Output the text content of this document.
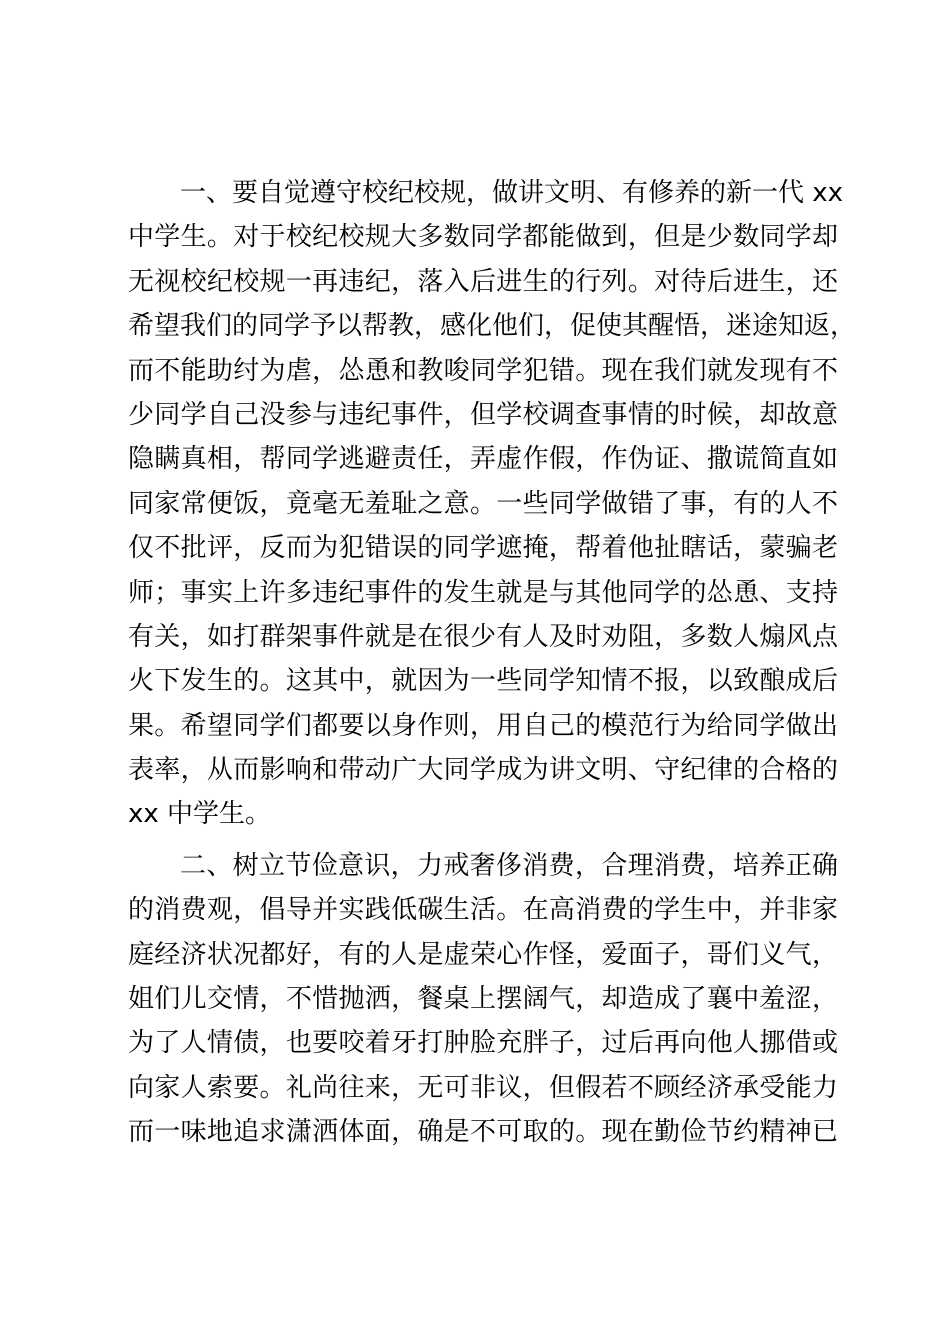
一、要自觉遵守校纪校规，做讲文明、有修养的新一代 xx
中学生。对于校纪校规大多数同学都能做到，但是少数同学却
无视校纪校规一再违纪，落入后进生的行列。对待后进生，还
希望我们的同学予以帮教，感化他们，促使其醒悟，迷途知返，
而不能助纣为虐，怂恿和教唆同学犯错。现在我们就发现有不
少同学自己没参与违纪事件，但学校调查事情的时候，却故意
隐瞒真相，帮同学逃避责任，弄虚作假，作伪证、撒谎简直如
同家常便饭，竟毫无羞耻之意。一些同学做错了事，有的人不
仅不批评，反而为犯错误的同学遮掩，帮着他扯瞎话，蒙骗老
师；事实上许多违纪事件的发生就是与其他同学的怂恿、支持
有关，如打群架事件就是在很少有人及时劝阻，多数人煽风点
火下发生的。这其中，就因为一些同学知情不报，以致酿成后
果。希望同学们都要以身作则，用自己的模范行为给同学做出
表率，从而影响和带动广大同学成为讲文明、守纪律的合格的
xx 中学生。
二、树立节俭意识，力戒奢侈消费，合理消费，培养正确
的消费观，倡导并实践低碳生活。在高消费的学生中，并非家
庭经济状况都好，有的人是虚荣心作怪，爱面子，哥们义气，
姐们儿交情，不惜抛洒，餐桌上摆阔气，却造成了襄中羞涩，
为了人情债，也要咬着牙打肿脸充胖子，过后再向他人挪借或
向家人索要。礼尚往来，无可非议，但假若不顾经济承受能力
而一味地追求潇洒体面，确是不可取的。现在勤俭节约精神已
